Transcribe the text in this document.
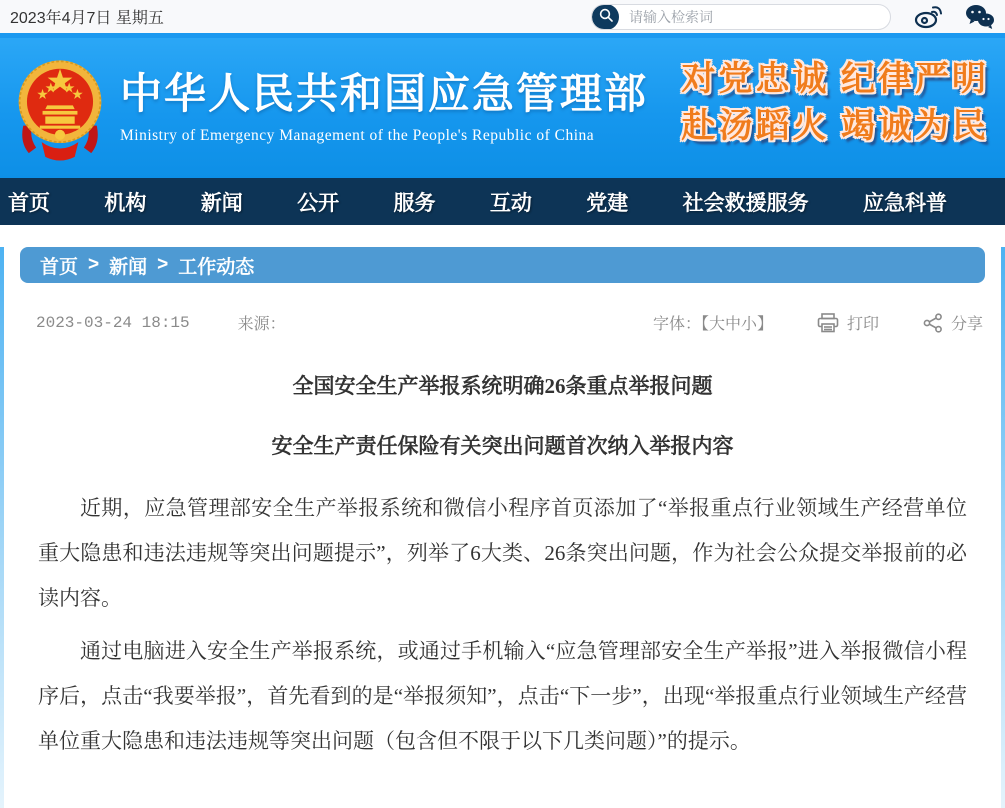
2023年4月7日 星期五
请输入检索词
中华人民共和国应急管理部
Ministry of Emergency Management of the People's Republic of China
对党忠诚 纪律严明
赴汤蹈火 竭诚为民
首页	机构	新闻	公开	服务	互动	党建	社会救援服务	应急科普
首页 > 新闻 > 工作动态
2023-03-24 18:15	来源：	字体：【大中小】	打印	分享
全国安全生产举报系统明确26条重点举报问题
安全生产责任保险有关突出问题首次纳入举报内容

近期，应急管理部安全生产举报系统和微信小程序首页添加了“举报重点行业领域生产经营单位重大隐患和违法违规等突出问题提示”，列举了6大类、26条突出问题，作为社会公众提交举报前的必读内容。

通过电脑进入安全生产举报系统，或通过手机输入“应急管理部安全生产举报”进入举报微信小程序后，点击“我要举报”，首先看到的是“举报须知”，点击“下一步”，出现“举报重点行业领域生产经营单位重大隐患和违法违规等突出问题（包含但不限于以下几类问题）”的提示。
